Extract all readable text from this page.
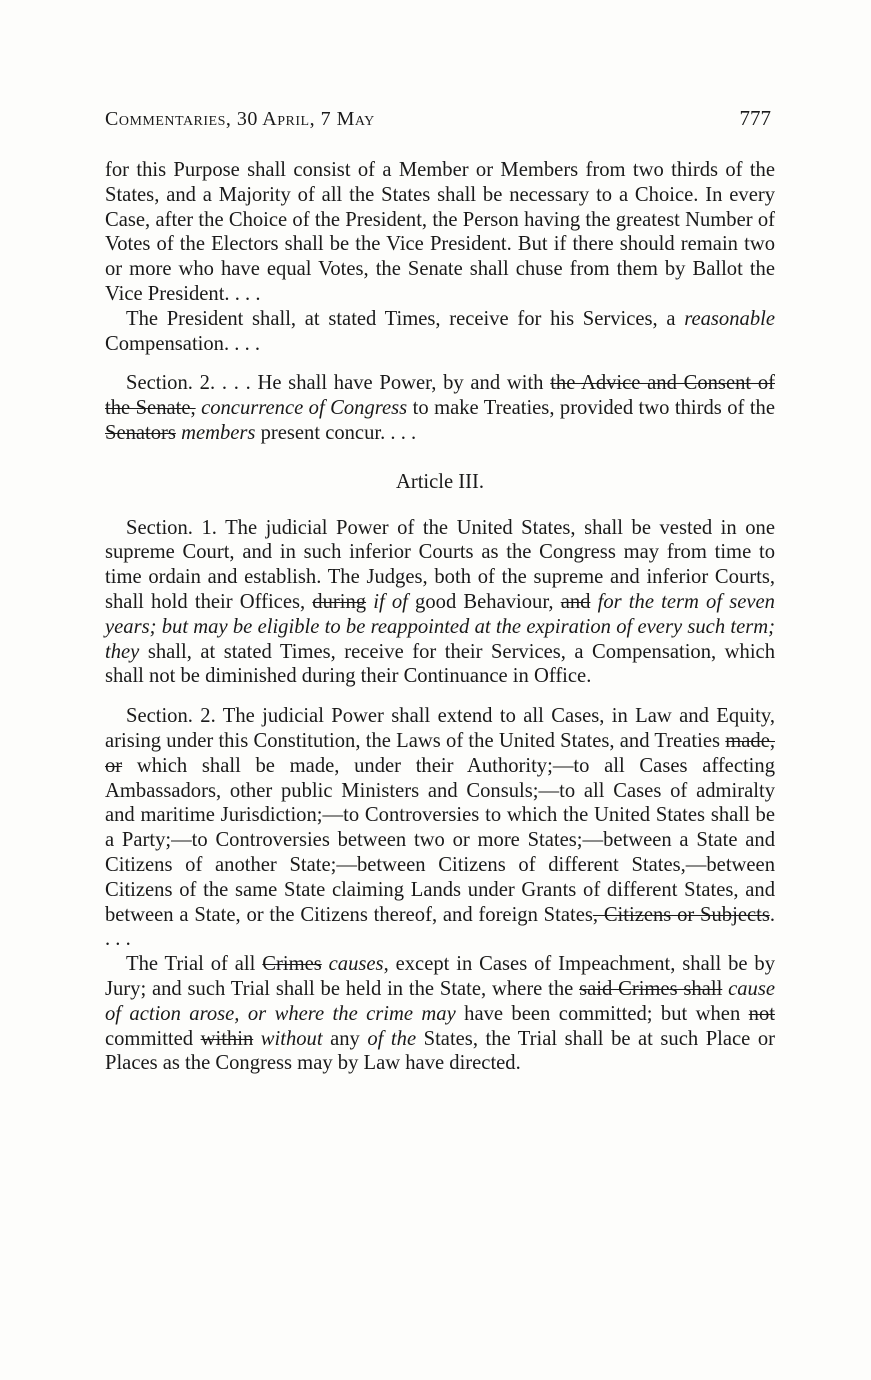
Commentaries, 30 April, 7 May	777

for this Purpose shall consist of a Member or Members from two thirds of the States, and a Majority of all the States shall be necessary to a Choice. In every Case, after the Choice of the President, the Person having the greatest Number of Votes of the Electors shall be the Vice President. But if there should remain two or more who have equal Votes, the Senate shall chuse from them by Ballot the Vice President. . . .

The President shall, at stated Times, receive for his Services, a reasonable Compensation. . . .

Section. 2. . . . He shall have Power, by and with the Advice and Consent of the Senate, concurrence of Congress to make Treaties, provided two thirds of the Senators members present concur. . . .

Article III.

Section. 1. The judicial Power of the United States, shall be vested in one supreme Court, and in such inferior Courts as the Congress may from time to time ordain and establish. The Judges, both of the supreme and inferior Courts, shall hold their Offices, during if of good Behaviour, and for the term of seven years; but may be eligible to be reappointed at the expiration of every such term; they shall, at stated Times, receive for their Services, a Compensation, which shall not be diminished during their Continuance in Office.

Section. 2. The judicial Power shall extend to all Cases, in Law and Equity, arising under this Constitution, the Laws of the United States, and Treaties made, or which shall be made, under their Authority;—to all Cases affecting Ambassadors, other public Ministers and Consuls;—to all Cases of admiralty and maritime Jurisdiction;—to Controversies to which the United States shall be a Party;—to Controversies between two or more States;—between a State and Citizens of another State;—between Citizens of different States,—between Citizens of the same State claiming Lands under Grants of different States, and between a State, or the Citizens thereof, and foreign States, Citizens or Subjects. . . .

The Trial of all Crimes causes, except in Cases of Impeachment, shall be by Jury; and such Trial shall be held in the State, where the said Crimes shall cause of action arose, or where the crime may have been committed; but when not committed within without any of the States, the Trial shall be at such Place or Places as the Congress may by Law have directed.
